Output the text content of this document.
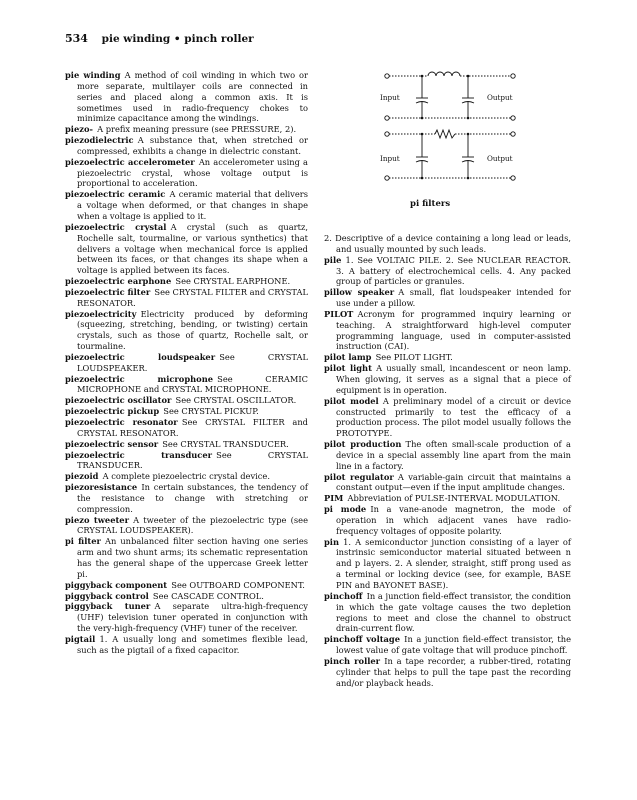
534 pie winding • pinch roller

pie winding  A method of coil winding in which two or more separate, multilayer coils are connected in series and placed along a common axis. It is sometimes used in radio-frequency chokes to minimize capacitance among the windings.

piezo-  A prefix meaning pressure (see PRESSURE, 2).

piezodielectric  A substance that, when stretched or compressed, exhibits a change in dielectric constant.

piezoelectric accelerometer  An accelerometer using a piezoelectric crystal, whose voltage output is proportional to acceleration.

piezoelectric ceramic  A ceramic material that delivers a voltage when deformed, or that changes in shape when a voltage is applied to it.

piezoelectric crystal  A crystal (such as quartz, Rochelle salt, tourmaline, or various synthetics) that delivers a voltage when mechanical force is applied between its faces, or that changes its shape when a voltage is applied between its faces.

piezoelectric earphone  See CRYSTAL EARPHONE.

piezoelectric filter  See CRYSTAL FILTER and CRYSTAL RESONATOR.

piezoelectricity  Electricity produced by deforming (squeezing, stretching, bending, or twisting) certain crystals, such as those of quartz, Rochelle salt, or tourmaline.

piezoelectric loudspeaker  See CRYSTAL LOUDSPEAKER.

piezoelectric microphone  See CERAMIC MICROPHONE and CRYSTAL MICROPHONE.

piezoelectric oscillator  See CRYSTAL OSCILLATOR.

piezoelectric pickup  See CRYSTAL PICKUP.

piezoelectric resonator  See CRYSTAL FILTER and CRYSTAL RESONATOR.

piezoelectric sensor  See CRYSTAL TRANSDUCER.

piezoelectric transducer  See CRYSTAL TRANSDUCER.

piezoid  A complete piezoelectric crystal device.

piezoresistance  In certain substances, the tendency of the resistance to change with stretching or compression.

piezo tweeter  A tweeter of the piezoelectric type (see CRYSTAL LOUDSPEAKER).

pi filter  An unbalanced filter section having one series arm and two shunt arms; its schematic representation has the general shape of the uppercase Greek letter pi.

piggyback component  See OUTBOARD COMPONENT.

piggyback control  See CASCADE CONTROL.

piggyback tuner  A separate ultra-high-frequency (UHF) television tuner operated in conjunction with the very-high-frequency (VHF) tuner of the receiver.

pigtail  1. A usually long and sometimes flexible lead, such as the pigtail of a fixed capacitor.

Input	Output
Input	Output
pi filters

2. Descriptive of a device containing a long lead or leads, and usually mounted by such leads.

pile  1. See VOLTAIC PILE. 2. See NUCLEAR REACTOR. 3. A battery of electrochemical cells. 4. Any packed group of particles or granules.

pillow speaker  A small, flat loudspeaker intended for use under a pillow.

PILOT  Acronym for programmed inquiry learning or teaching. A straightforward high-level computer programming language, used in computer-assisted instruction (CAI).

pilot lamp  See PILOT LIGHT.

pilot light  A usually small, incandescent or neon lamp. When glowing, it serves as a signal that a piece of equipment is in operation.

pilot model  A preliminary model of a circuit or device constructed primarily to test the efficacy of a production process. The pilot model usually follows the PROTOTYPE.

pilot production  The often small-scale production of a device in a special assembly line apart from the main line in a factory.

pilot regulator  A variable-gain circuit that maintains a constant output—even if the input amplitude changes.

PIM  Abbreviation of PULSE-INTERVAL MODULATION.

pi mode  In a vane-anode magnetron, the mode of operation in which adjacent vanes have radio-frequency voltages of opposite polarity.

pin  1. A semiconductor junction consisting of a layer of instrinsic semiconductor material situated between n and p layers. 2. A slender, straight, stiff prong used as a terminal or locking device (see, for example, BASE PIN and BAYONET BASE).

pinchoff  In a junction field-effect transistor, the condition in which the gate voltage causes the two depletion regions to meet and close the channel to obstruct drain-current flow.

pinchoff voltage  In a junction field-effect transistor, the lowest value of gate voltage that will produce pinchoff.

pinch roller  In a tape recorder, a rubber-tired, rotating cylinder that helps to pull the tape past the recording and/or playback heads.
